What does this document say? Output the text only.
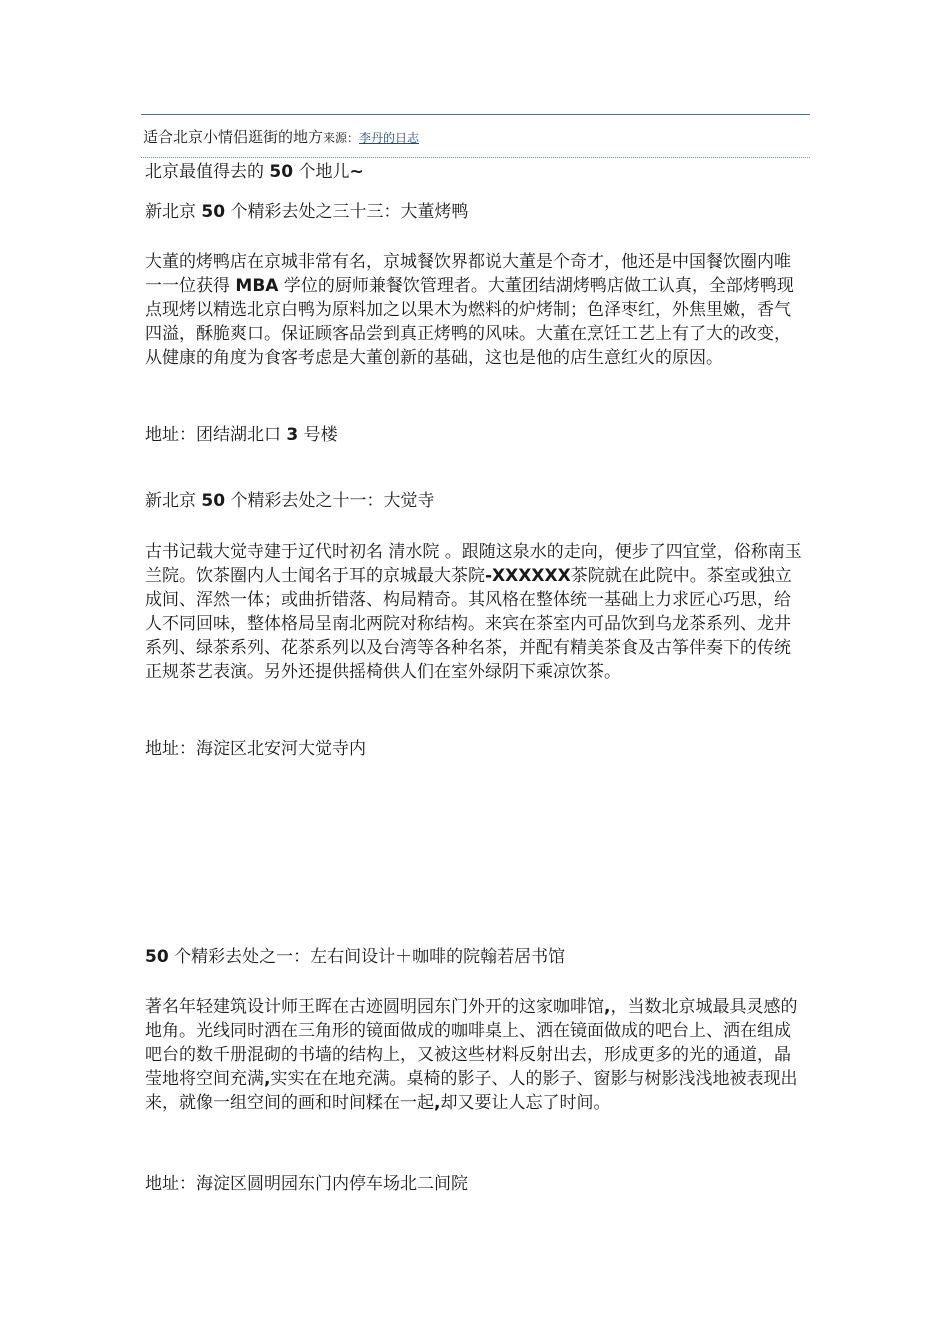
适合北京小情侣逛街的地方来源：李丹的日志

北京最值得去的 50 个地儿~

新北京 50 个精彩去处之三十三：大董烤鸭

大董的烤鸭店在京城非常有名，京城餐饮界都说大董是个奇才，他还是中国餐饮圈内唯一一位获得 MBA 学位的厨师兼餐饮管理者。大董团结湖烤鸭店做工认真，全部烤鸭现点现烤以精选北京白鸭为原料加之以果木为燃料的炉烤制；色泽枣红，外焦里嫩，香气四溢，酥脆爽口。保证顾客品尝到真正烤鸭的风味。大董在烹饪工艺上有了大的改变，从健康的角度为食客考虑是大董创新的基础，这也是他的店生意红火的原因。

地址：团结湖北口 3 号楼

新北京 50 个精彩去处之十一：大觉寺

古书记载大觉寺建于辽代时初名 清水院 。跟随这泉水的走向，便步了四宜堂，俗称南玉兰院。饮茶圈内人士闻名于耳的京城最大茶院-XXXXXX茶院就在此院中。茶室或独立成间、浑然一体；或曲折错落、构局精奇。其风格在整体统一基础上力求匠心巧思，给人不同回味，整体格局呈南北两院对称结构。来宾在茶室内可品饮到乌龙茶系列、龙井系列、绿茶系列、花茶系列以及台湾等各种名茶，并配有精美茶食及古筝伴奏下的传统正规茶艺表演。另外还提供摇椅供人们在室外绿阴下乘凉饮茶。

地址：海淀区北安河大觉寺内

50 个精彩去处之一：左右间设计＋咖啡的院翰若居书馆

著名年轻建筑设计师王晖在古迹圆明园东门外开的这家咖啡馆,，当数北京城最具灵感的地角。光线同时洒在三角形的镜面做成的咖啡桌上、洒在镜面做成的吧台上、洒在组成吧台的数千册混砌的书墙的结构上，又被这些材料反射出去，形成更多的光的通道，晶莹地将空间充满,实实在在地充满。桌椅的影子、人的影子、窗影与树影浅浅地被表现出来，就像一组空间的画和时间糅在一起,却又要让人忘了时间。

地址：海淀区圆明园东门内停车场北二间院
